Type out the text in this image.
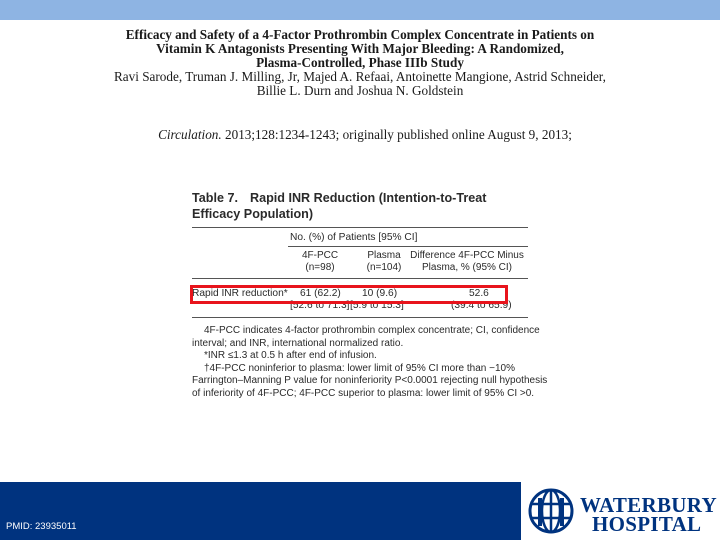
Efficacy and Safety of a 4-Factor Prothrombin Complex Concentrate in Patients on
Vitamin K Antagonists Presenting With Major Bleeding: A Randomized,
Plasma-Controlled, Phase IIIb Study
Ravi Sarode, Truman J. Milling, Jr, Majed A. Refaai, Antoinette Mangione, Astrid Schneider,
Billie L. Durn and Joshua N. Goldstein
Circulation. 2013;128:1234-1243; originally published online August 9, 2013;
Table 7. Rapid INR Reduction (Intention-to-Treat
Efficacy Population)
No. (%) of Patients [95% CI]
4F-PCC
(n=98)
Plasma
(n=104)
Difference 4F-PCC Minus
Plasma, % (95% CI)
Rapid INR reduction* 61 (62.2) 10 (9.6)	52.6
[52.6 to 71.3] [5.9 to 15.3]	(39.4 to 65.9)

4F-PCC indicates 4-factor prothrombin complex concentrate; CI, confidence

interval; and INR, international normalized ratio.

*INR ≤1.3 at 0.5 h after end of infusion.

†4F-PCC noninferior to plasma: lower limit of 95% CI more than −10%

Farrington–Manning P value for noninferiority P<0.0001 rejecting null hypothesis

of inferiority of 4F-PCC; 4F-PCC superior to plasma: lower limit of 95% CI >0.

PMID: 23935011
WATERBURY
HOSPITAL
